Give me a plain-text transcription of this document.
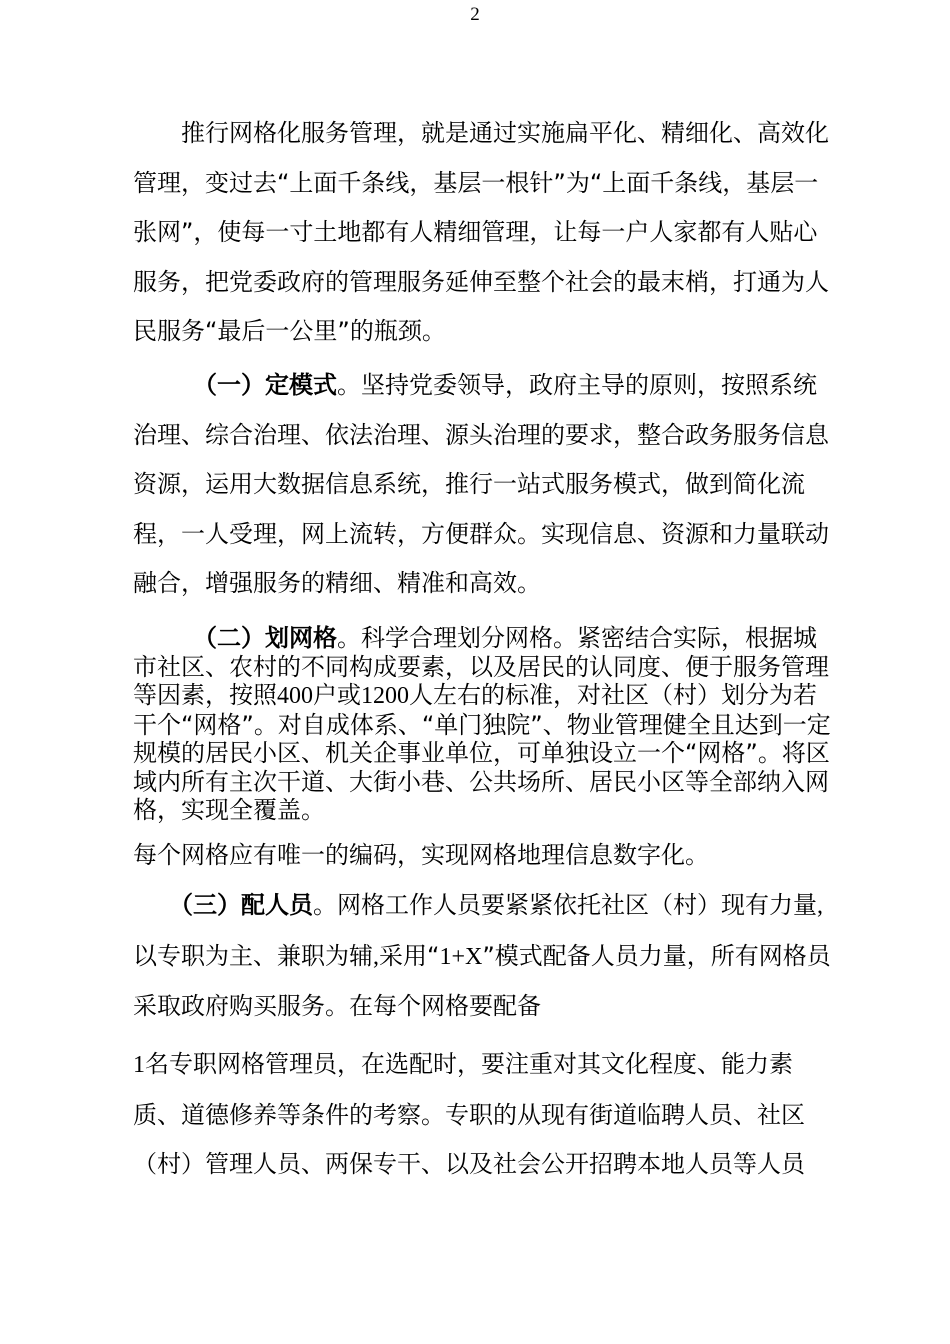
2

　　推行网格化服务管理，就是通过实施扁平化、精细化、高效化管理，变过去“上面千条线，基层一根针”为“上面千条线，基层一张网”，使每一寸土地都有人精细管理，让每一户人家都有人贴心服务，把党委政府的管理服务延伸至整个社会的最末梢，打通为人民服务“最后一公里”的瓶颈。

　　　（一）定模式。坚持党委领导，政府主导的原则，按照系统治理、综合治理、依法治理、源头治理的要求，整合政务服务信息资源，运用大数据信息系统，推行一站式服务模式，做到简化流程，一人受理，网上流转，方便群众。实现信息、资源和力量联动融合，增强服务的精细、精准和高效。

　　　（二）划网格。科学合理划分网格。紧密结合实际，根据城市社区、农村的不同构成要素，以及居民的认同度、便于服务管理等因素，按照400户或1200人左右的标准，对社区（村）划分为若干个“网格”。对自成体系、“单门独院”、物业管理健全且达到一定规模的居民小区、机关企事业单位，可单独设立一个“网格”。将区域内所有主次干道、大街小巷、公共场所、居民小区等全部纳入网格，实现全覆盖。

每个网格应有唯一的编码，实现网格地理信息数字化。

　　（三）配人员。网格工作人员要紧紧依托社区（村）现有力量,以专职为主、兼职为辅,采用“1+X”模式配备人员力量，所有网格员采取政府购买服务。在每个网格要配备

1名专职网格管理员，在选配时，要注重对其文化程度、能力素质、道德修养等条件的考察。专职的从现有街道临聘人员、社区（村）管理人员、两保专干、以及社会公开招聘本地人员等人员
